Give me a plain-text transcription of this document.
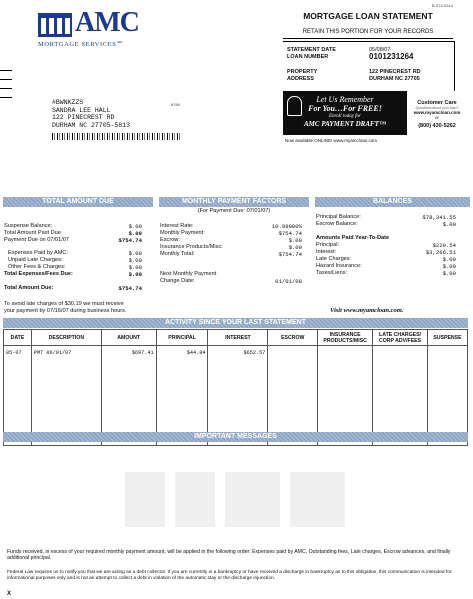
B-074-0314
AMC
MORTGAGE SERVICES℠
MORTGAGE LOAN STATEMENT
RETAIN THIS PORTION FOR YOUR RECORDS
STATEMENT DATE	05/08/07
LOAN NUMBER	0101231264
PROPERTY
ADDRESS
122 PINECREST RD
DURHAM NC 27705
6766
#BWNKZZS
SANDRA LEE HALL
122 PINECREST RD
DURHAM NC 27705-5813
Let Us Remember
For You…For FREE!
Enroll today for
AMC PAYMENT DRAFT™
Now available ONLINE! www.myamcloan.com
Customer Care
Questions about your loan?
www.myamcloan.com
or
(800) 430-5262
TOTAL AMOUNT DUE	MONTHLY PAYMENT FACTORS	BALANCES
Suspense Balance:	$.00
Total Amount Past Due	$.00
Payment Due on 07/01/07	$754.74
Expenses Paid by AMC:	$.00
Unpaid Late Charges:	$.00
Other Fees & Charges:	$.00
Total Expenses/Fees Due:	$.00
Total Amount Due:	$754.74
(For Payment Due: 07/01/07)
Interest Rate:	10.99000%
Monthly Payment:	$754.74
Escrow:	$.00
Insurance Products/Misc:	$.00
Monthly Total:	$754.74
Next Monthly Payment
Change Date:	01/01/08
Principal Balance:	$78,341.55
Escrow Balance:	$.00
Amounts Paid Year-To-Date
Principal:	$220.54
Interest:	$3,266.51
Late Charges:	$.00
Hazard Insurance:	$.00
Taxes/Liens:	$.00
To avoid late charges of $30.19 we must receive
your payment by 07/16/07 during business hours.	Visit www.myamcloan.com.
ACTIVITY SINCE YOUR LAST STATEMENT
DATE	DESCRIPTION	AMOUNT	PRINCIPAL	INTEREST	ESCROW	INSURANCE
PRODUCTS/MISC	LATE CHARGES/
CORP ADV/FEES	SUSPENSE
05-07	PMT 06/01/07	$697.41	$44.84	$652.57				
IMPORTANT MESSAGES
Funds received, in excess of your required monthly payment amount, will be applied in the following order: Expenses paid by AMC, Outstanding fees, Late charges, Escrow advances, and finally additional principal.
Federal Law requires us to notify you that we are acting as a debt collector. If you are currently in a bankruptcy or have received a discharge in bankruptcy as to this obligation, this communication is intended for informational purposes only and is not an attempt to collect a debt in violation of the automatic stay or the discharge injunction.
X
